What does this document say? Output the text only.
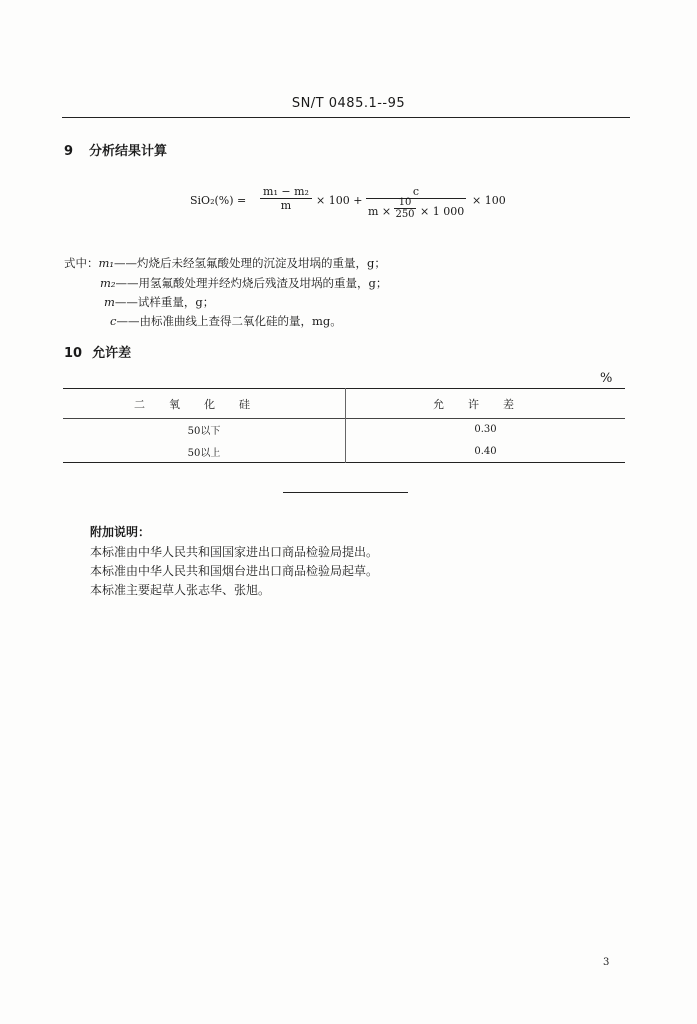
SN/T 0485.1--95
9 分析结果计算
SiO₂(%) =
m₁ − m₂
m	× 100 +
c
$m \times \frac{10}{250} \times 1$ 000
× 100
式中：m₁——灼烧后未经氢氟酸处理的沉淀及坩埚的重量，g；
m₂——用氢氟酸处理并经灼烧后残渣及坩埚的重量，g；
m——试样重量，g；
c——由标准曲线上查得二氧化硅的量，mg。
10 允许差
%
二氧化硅	允许差
50以下	0.30
50以上	0.40
附加说明：
本标准由中华人民共和国国家进出口商品检验局提出。
本标准由中华人民共和国烟台进出口商品检验局起草。
本标准主要起草人张志华、张旭。
3
